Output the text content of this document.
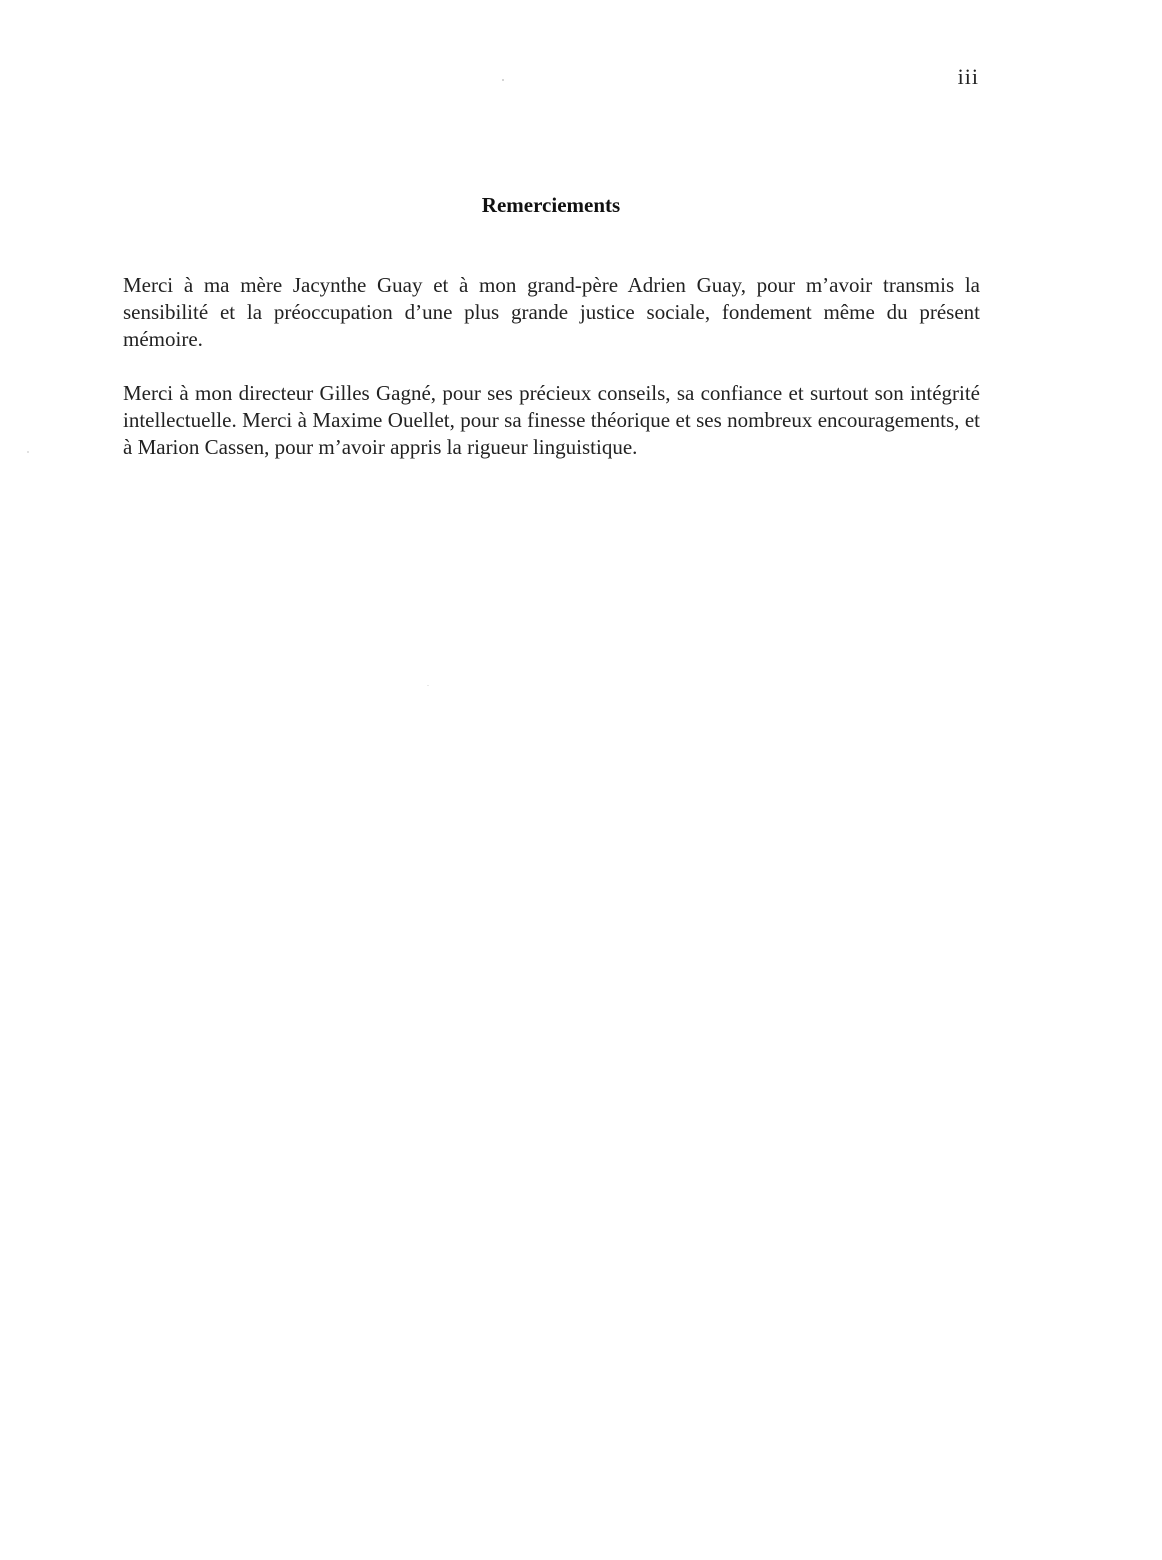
iii
Remerciements

Merci à ma mère Jacynthe Guay et à mon grand-père Adrien Guay, pour m’avoir transmis la sensibilité et la préoccupation d’une plus grande justice sociale, fondement même du présent mémoire.

Merci à mon directeur Gilles Gagné, pour ses précieux conseils, sa confiance et surtout son intégrité intellectuelle. Merci à Maxime Ouellet, pour sa finesse théorique et ses nombreux encouragements, et à Marion Cassen, pour m’avoir appris la rigueur linguistique.
